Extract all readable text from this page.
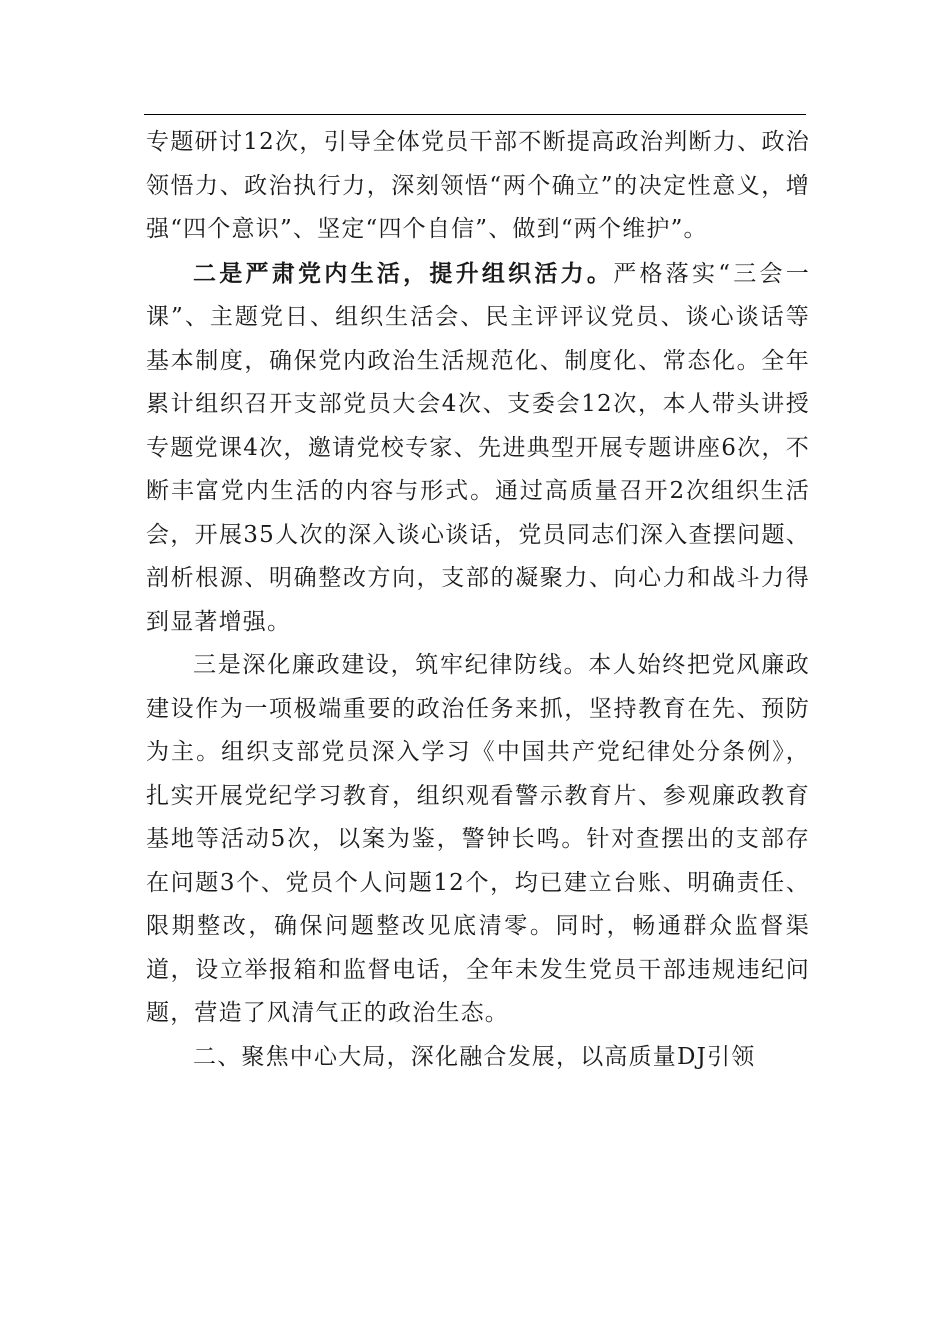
专题研讨12次，引导全体党员干部不断提高政治判断力、政治领悟力、政治执行力，深刻领悟“两个确立”的决定性意义，增强“四个意识”、坚定“四个自信”、做到“两个维护”。

二是严肃党内生活，提升组织活力。严格落实“三会一课”、主题党日、组织生活会、民主评评议党员、谈心谈话等基本制度，确保党内政治生活规范化、制度化、常态化。全年累计组织召开支部党员大会4次、支委会12次，本人带头讲授专题党课4次，邀请党校专家、先进典型开展专题讲座6次，不断丰富党内生活的内容与形式。通过高质量召开2次组织生活会，开展35人次的深入谈心谈话，党员同志们深入查摆问题、剖析根源、明确整改方向，支部的凝聚力、向心力和战斗力得到显著增强。

三是深化廉政建设，筑牢纪律防线。本人始终把党风廉政建设作为一项极端重要的政治任务来抓，坚持教育在先、预防为主。组织支部党员深入学习《中国共产党纪律处分条例》，扎实开展党纪学习教育，组织观看警示教育片、参观廉政教育基地等活动5次，以案为鉴，警钟长鸣。针对查摆出的支部存在问题3个、党员个人问题12个，均已建立台账、明确责任、限期整改，确保问题整改见底清零。同时，畅通群众监督渠道，设立举报箱和监督电话，全年未发生党员干部违规违纪问题，营造了风清气正的政治生态。

二、聚焦中心大局，深化融合发展，以高质量DJ引领
